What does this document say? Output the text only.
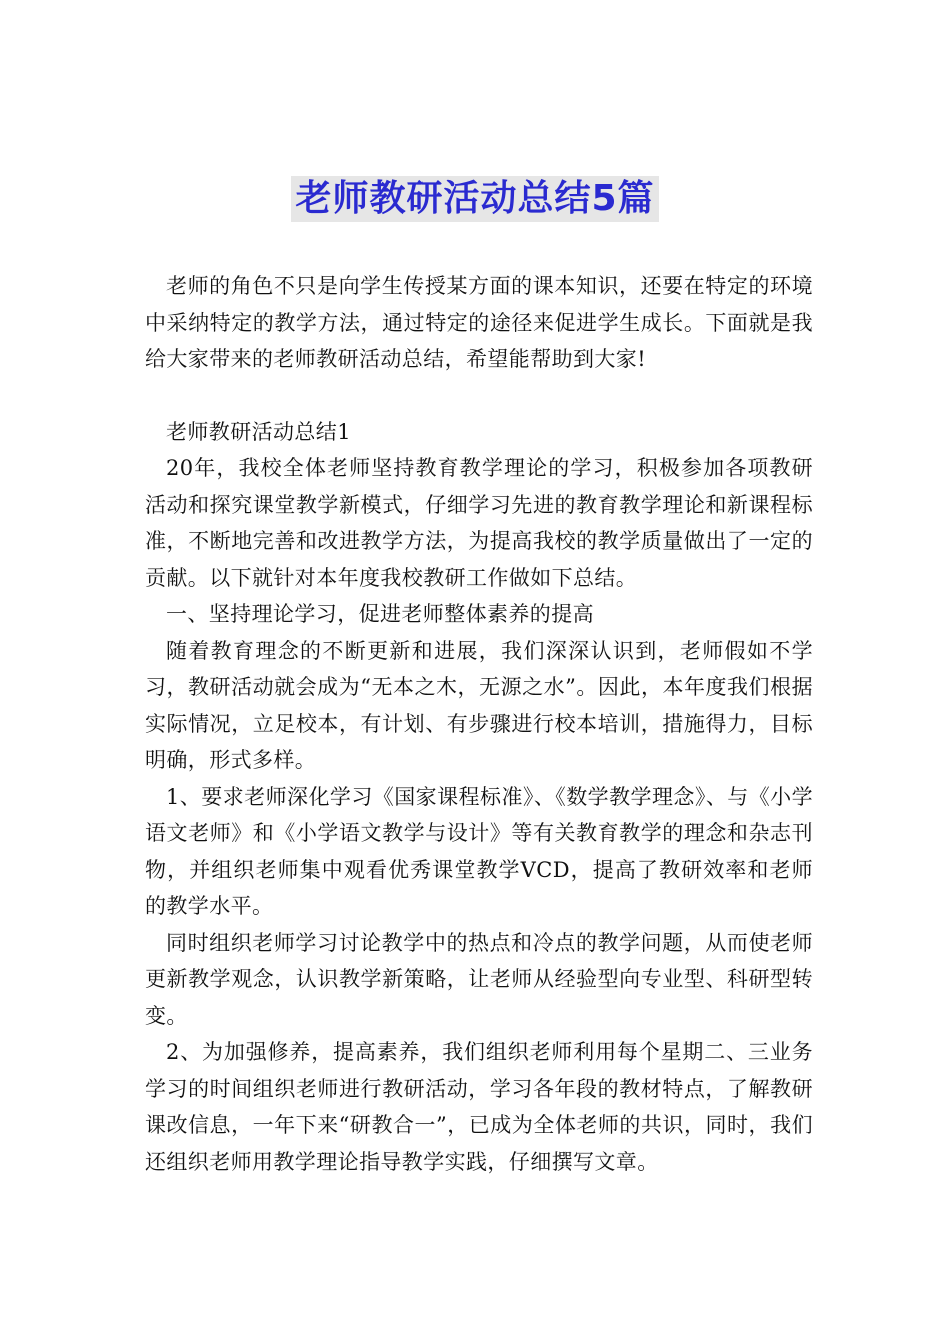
老师教研活动总结5篇

老师的角色不只是向学生传授某方面的课本知识，还要在特定的环境中采纳特定的教学方法，通过特定的途径来促进学生成长。下面就是我给大家带来的老师教研活动总结，希望能帮助到大家!

老师教研活动总结1

20年，我校全体老师坚持教育教学理论的学习，积极参加各项教研活动和探究课堂教学新模式，仔细学习先进的教育教学理论和新课程标准，不断地完善和改进教学方法，为提高我校的教学质量做出了一定的贡献。以下就针对本年度我校教研工作做如下总结。

一、坚持理论学习，促进老师整体素养的提高

随着教育理念的不断更新和进展，我们深深认识到，老师假如不学习，教研活动就会成为“无本之木，无源之水”。因此，本年度我们根据实际情况，立足校本，有计划、有步骤进行校本培训，措施得力，目标明确，形式多样。

1、要求老师深化学习《国家课程标准》、《数学教学理念》、与《小学语文老师》和《小学语文教学与设计》等有关教育教学的理念和杂志刊物，并组织老师集中观看优秀课堂教学VCD，提高了教研效率和老师的教学水平。

同时组织老师学习讨论教学中的热点和冷点的教学问题，从而使老师更新教学观念，认识教学新策略，让老师从经验型向专业型、科研型转变。

2、为加强修养，提高素养，我们组织老师利用每个星期二、三业务学习的时间组织老师进行教研活动，学习各年段的教材特点，了解教研课改信息，一年下来“研教合一”，已成为全体老师的共识，同时，我们还组织老师用教学理论指导教学实践，仔细撰写文章。
